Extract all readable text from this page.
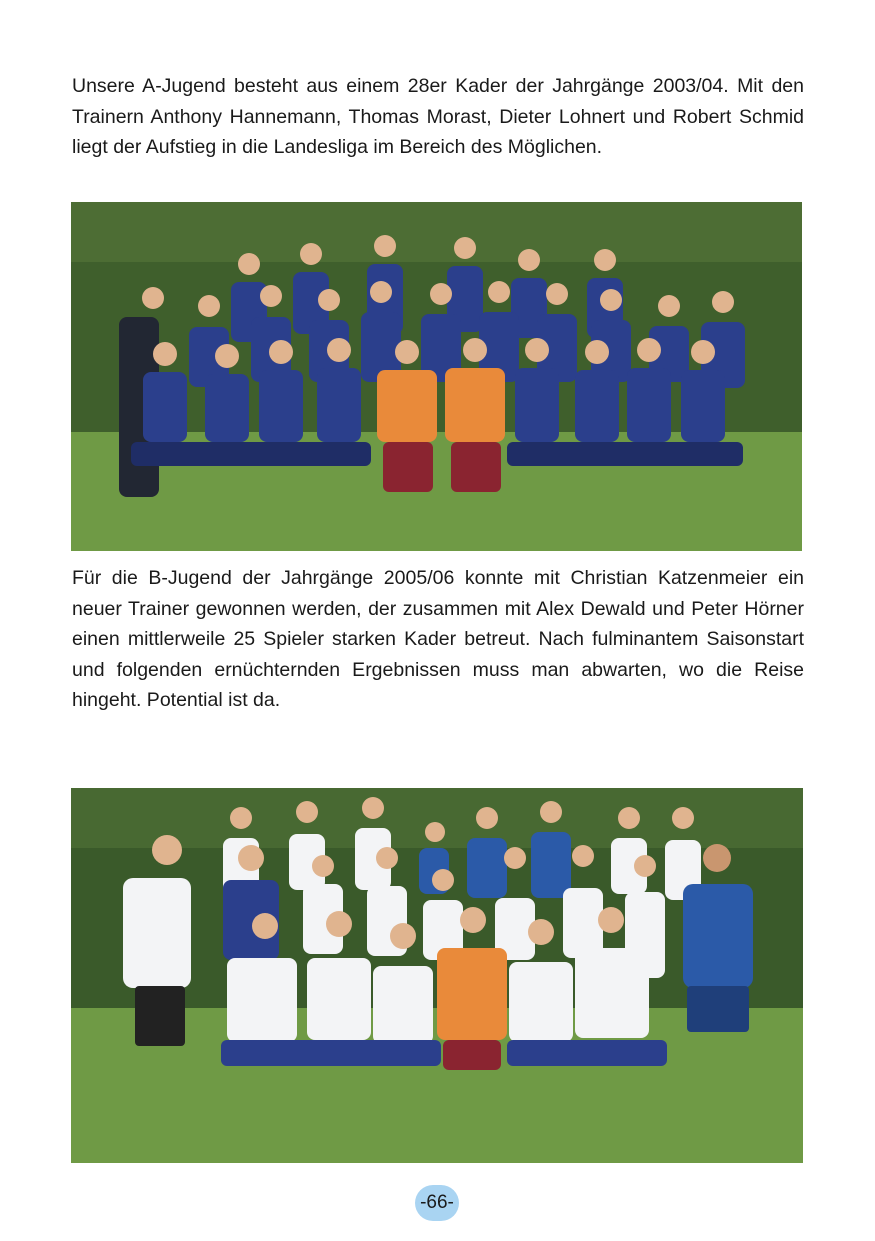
Unsere A-Jugend besteht aus einem 28er Kader der Jahrgänge 2003/04. Mit den Trainern Anthony Hannemann, Thomas Morast, Dieter Lohnert und Robert Schmid liegt der Aufstieg in die Landesliga im Bereich des Möglichen.

Für die B-Jugend der Jahrgänge 2005/06 konnte mit Christian Katzenmeier ein neuer Trainer gewonnen werden, der zusammen mit Alex Dewald und Peter Hörner einen mittlerweile 25 Spieler starken Kader betreut. Nach fulminantem Saisonstart und folgenden ernüchternden Ergebnissen muss man abwarten, wo die Reise hingeht. Potential ist da.

-66-
